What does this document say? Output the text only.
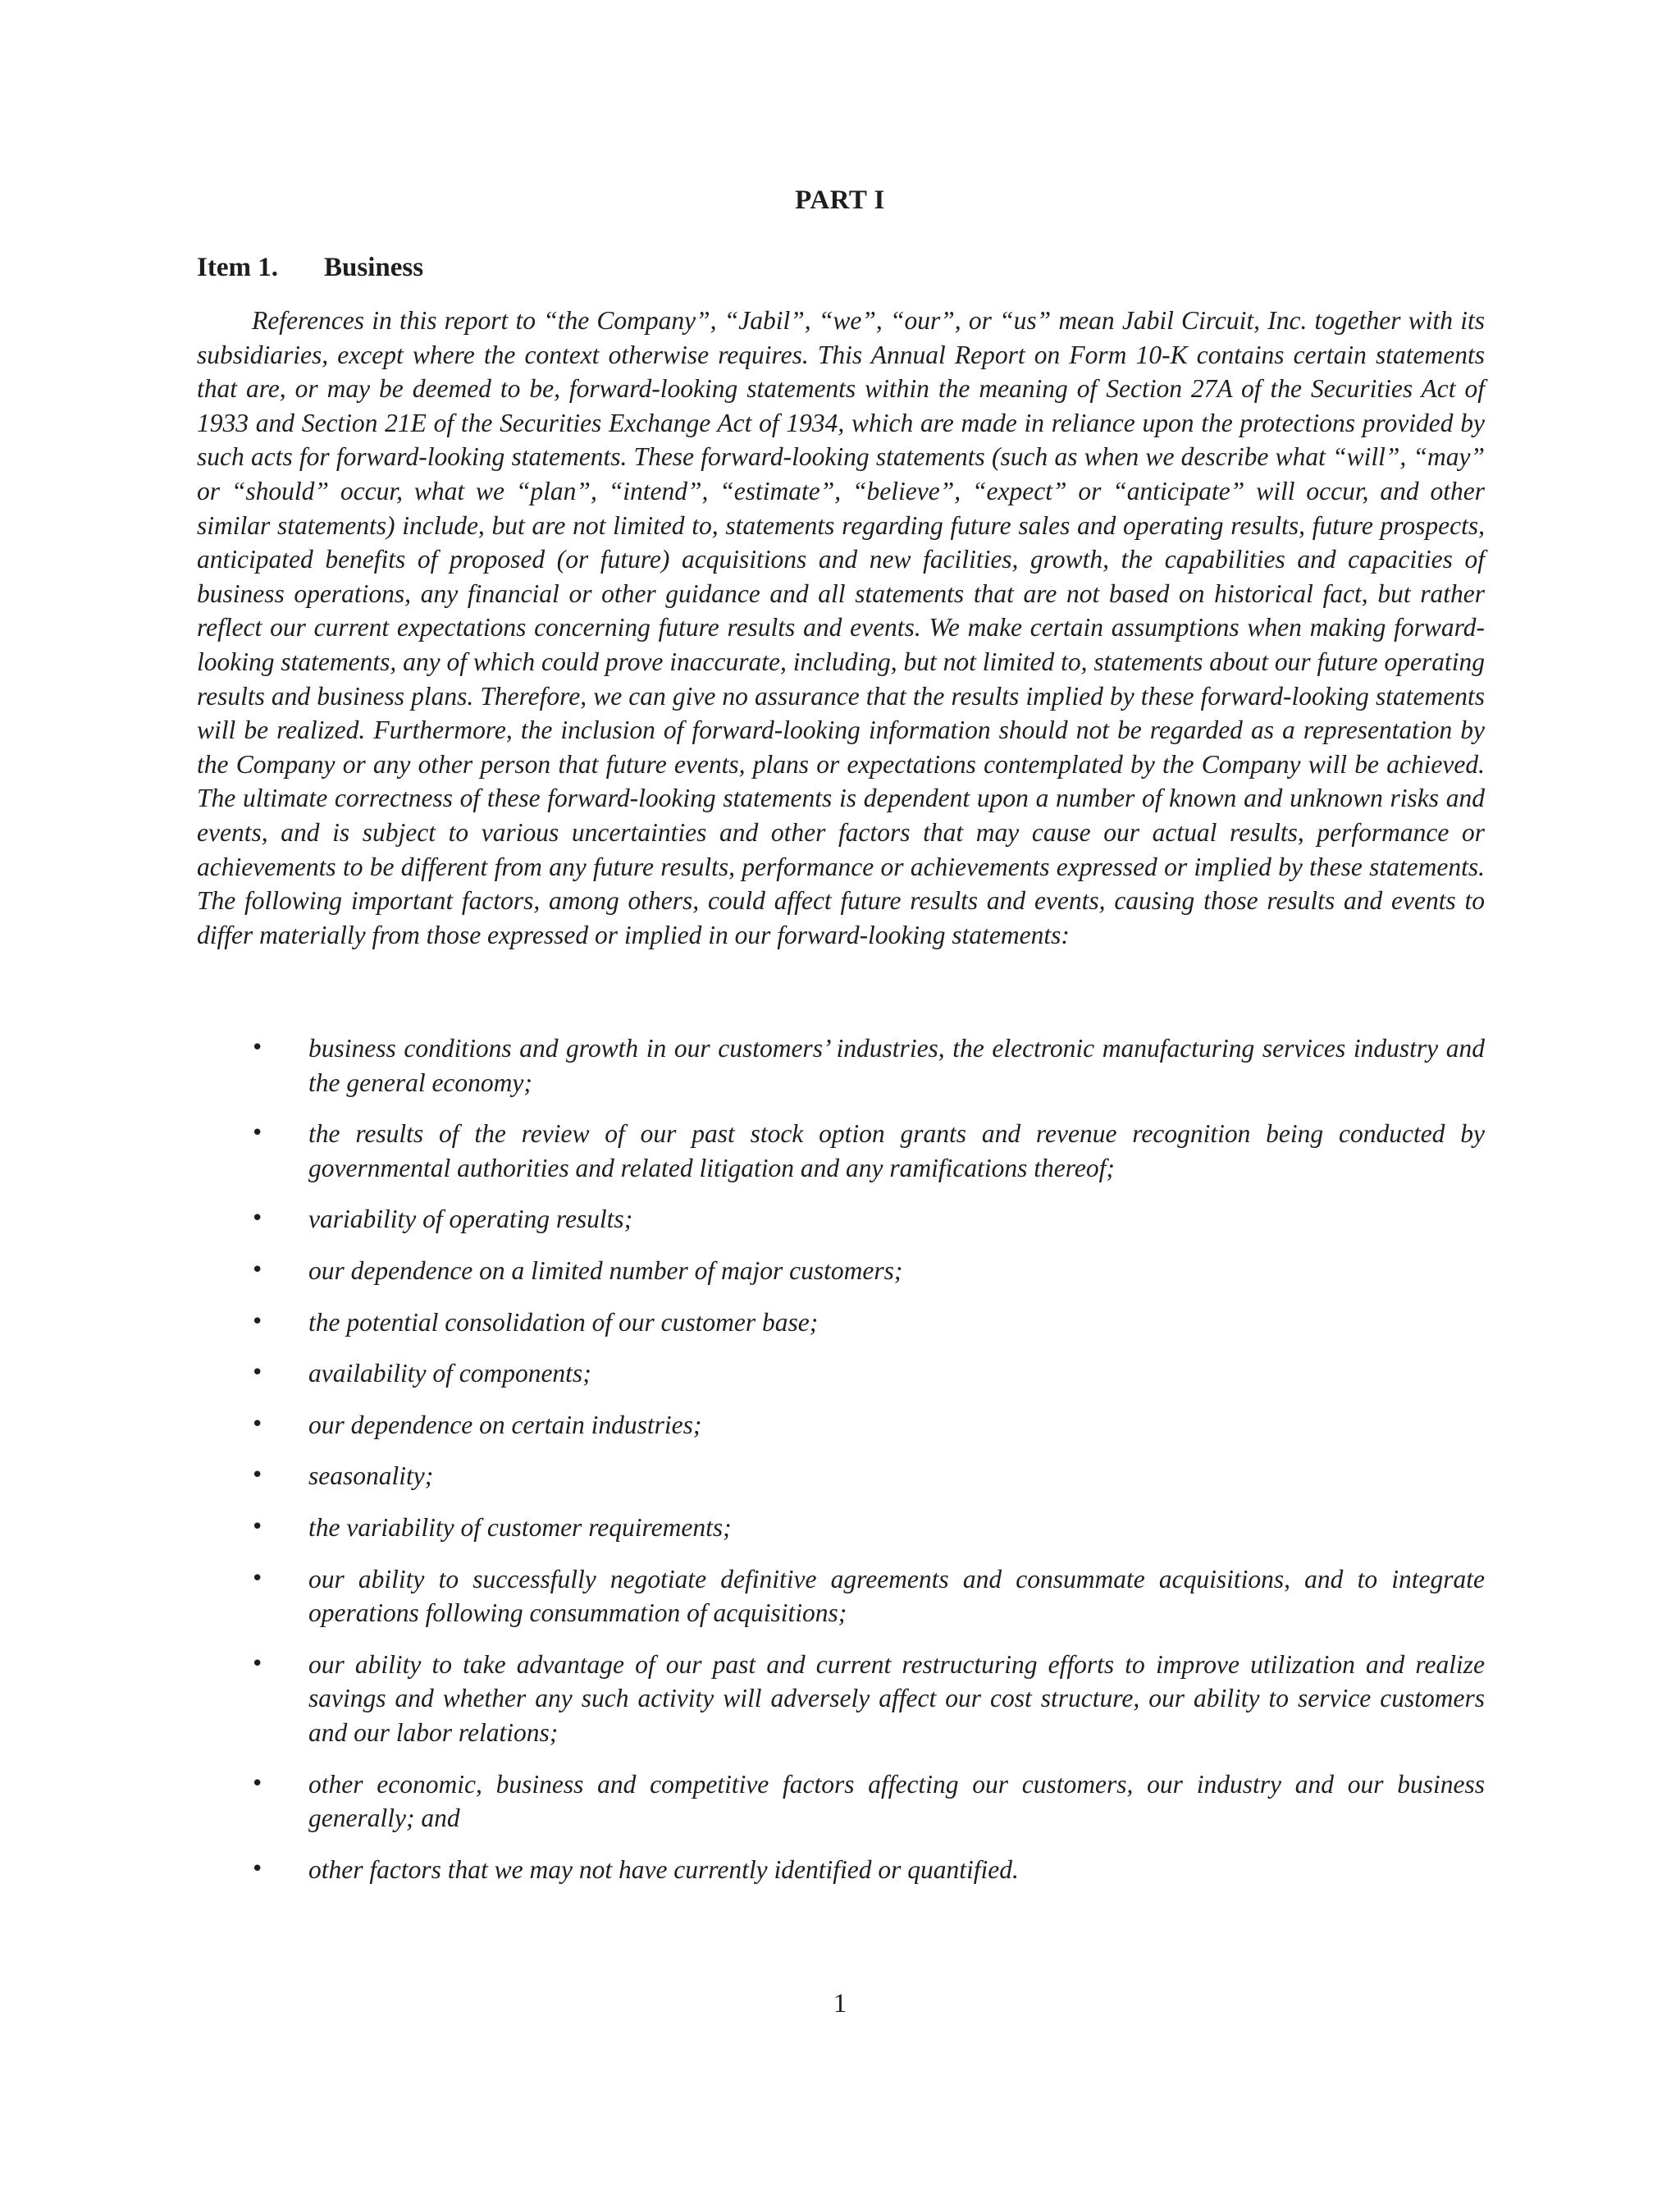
PART I
Item 1. Business

References in this report to “the Company”, “Jabil”, “we”, “our”, or “us” mean Jabil Circuit, Inc. together with its subsidiaries, except where the context otherwise requires. This Annual Report on Form 10-K contains certain statements that are, or may be deemed to be, forward-looking statements within the meaning of Section 27A of the Securities Act of 1933 and Section 21E of the Securities Exchange Act of 1934, which are made in reliance upon the protections provided by such acts for forward-looking statements. These forward-looking statements (such as when we describe what “will”, “may” or “should” occur, what we “plan”, “intend”, “estimate”, “believe”, “expect” or “anticipate” will occur, and other similar statements) include, but are not limited to, statements regarding future sales and operating results, future prospects, anticipated benefits of proposed (or future) acquisitions and new facilities, growth, the capabilities and capacities of business operations, any financial or other guidance and all statements that are not based on historical fact, but rather reflect our current expectations concerning future results and events. We make certain assumptions when making forward-looking statements, any of which could prove inaccurate, including, but not limited to, statements about our future operating results and business plans. Therefore, we can give no assurance that the results implied by these forward-looking statements will be realized. Furthermore, the inclusion of forward-looking information should not be regarded as a representation by the Company or any other person that future events, plans or expectations contemplated by the Company will be achieved. The ultimate correctness of these forward-looking statements is dependent upon a number of known and unknown risks and events, and is subject to various uncertainties and other factors that may cause our actual results, performance or achievements to be different from any future results, performance or achievements expressed or implied by these statements. The following important factors, among others, could affect future results and events, causing those results and events to differ materially from those expressed or implied in our forward-looking statements:

• business conditions and growth in our customers’ industries, the electronic manufacturing services industry and the general economy;
• the results of the review of our past stock option grants and revenue recognition being conducted by governmental authorities and related litigation and any ramifications thereof;
• variability of operating results;
• our dependence on a limited number of major customers;
• the potential consolidation of our customer base;
• availability of components;
• our dependence on certain industries;
• seasonality;
• the variability of customer requirements;
• our ability to successfully negotiate definitive agreements and consummate acquisitions, and to integrate operations following consummation of acquisitions;
• our ability to take advantage of our past and current restructuring efforts to improve utilization and realize savings and whether any such activity will adversely affect our cost structure, our ability to service customers and our labor relations;
• other economic, business and competitive factors affecting our customers, our industry and our business generally; and
• other factors that we may not have currently identified or quantified.
1
